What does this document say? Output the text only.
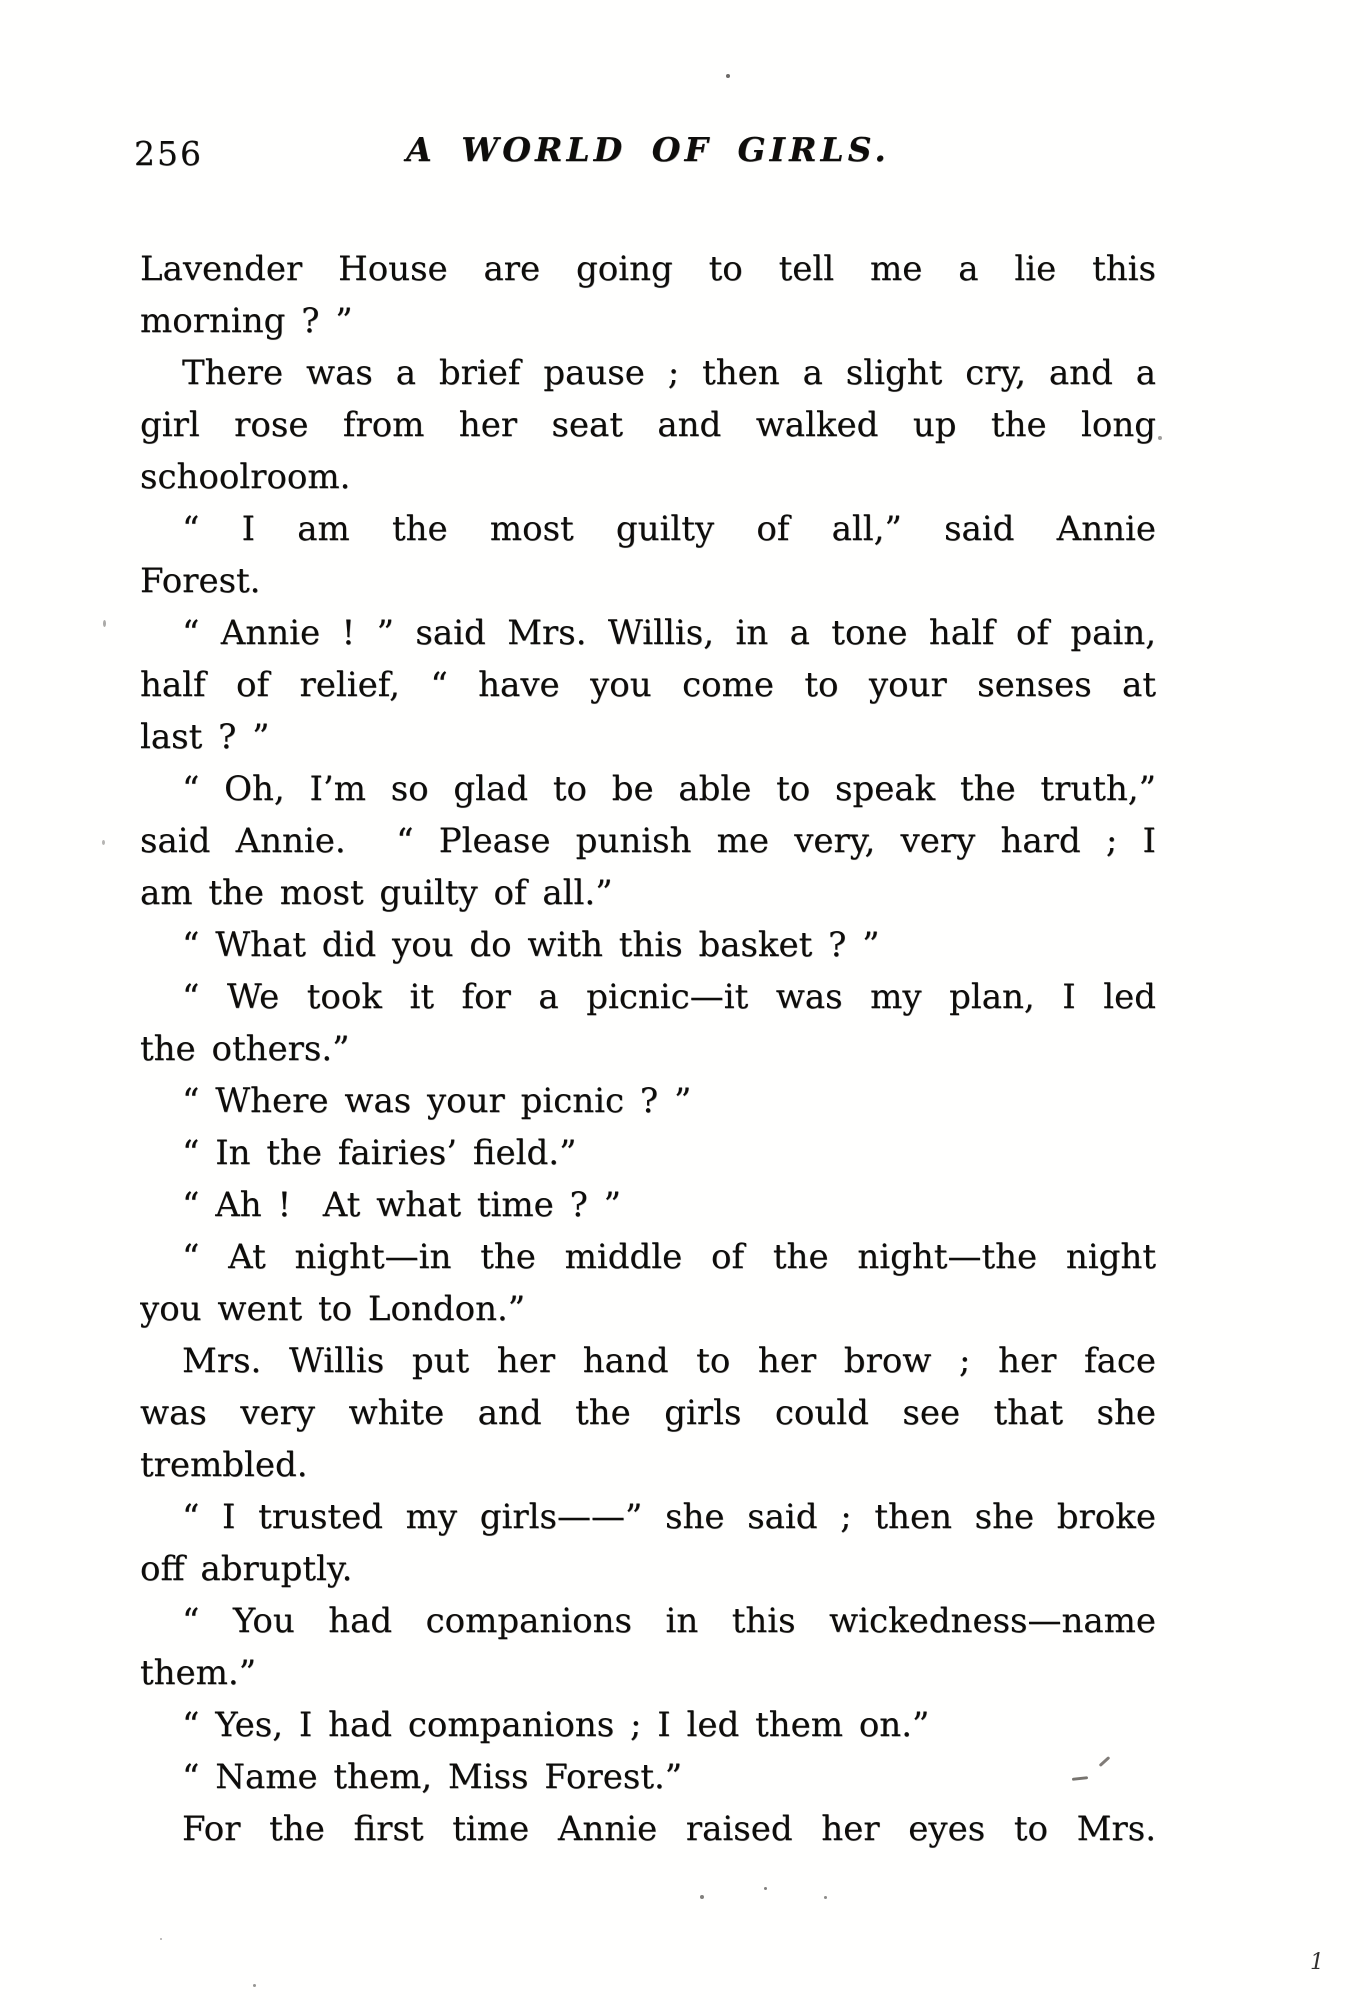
256	A WORLD OF GIRLS.
Lavender House are going to tell me a lie this
morning ? ”
There was a brief pause ; then a slight cry, and a
girl rose from her seat and walked up the long
schoolroom.
“ I am the most guilty of all,” said Annie
Forest.
“ Annie ! ” said Mrs. Willis, in a tone half of pain,
half of relief, “ have you come to your senses at
last ? ”
“ Oh, I’m so glad to be able to speak the truth,”
said Annie.  “ Please punish me very, very hard ; I
am the most guilty of all.”
“ What did you do with this basket ? ”
“ We took it for a picnic—it was my plan, I led
the others.”
“ Where was your picnic ? ”
“ In the fairies’ field.”
“ Ah !  At what time ? ”
“ At night—in the middle of the night—the night
you went to London.”
Mrs. Willis put her hand to her brow ; her face
was very white and the girls could see that she
trembled.
“ I trusted my girls——” she said ; then she broke
off abruptly.
“ You had companions in this wickedness—name
them.”
“ Yes, I had companions ; I led them on.”
“ Name them, Miss Forest.”
For the first time Annie raised her eyes to Mrs.
1
